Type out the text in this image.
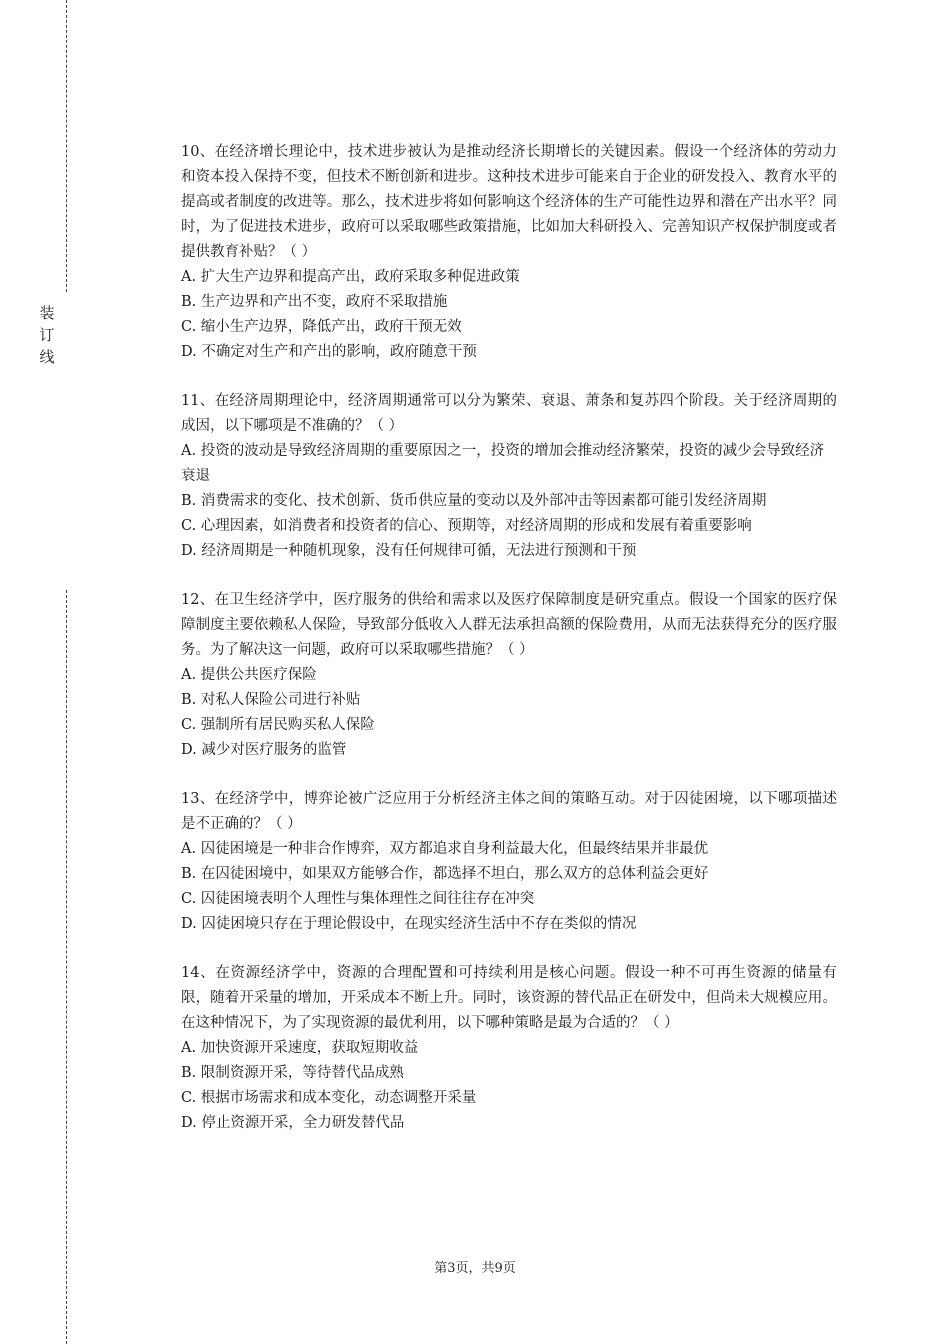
装订线

10、在经济增长理论中，技术进步被认为是推动经济长期增长的关键因素。假设一个经济体的劳动力和资本投入保持不变，但技术不断创新和进步。这种技术进步可能来自于企业的研发投入、教育水平的提高或者制度的改进等。那么，技术进步将如何影响这个经济体的生产可能性边界和潜在产出水平？同时，为了促进技术进步，政府可以采取哪些政策措施，比如加大科研投入、完善知识产权保护制度或者提供教育补贴？（ ）

A. 扩大生产边界和提高产出，政府采取多种促进政策

B. 生产边界和产出不变，政府不采取措施

C. 缩小生产边界，降低产出，政府干预无效

D. 不确定对生产和产出的影响，政府随意干预

11、在经济周期理论中，经济周期通常可以分为繁荣、衰退、萧条和复苏四个阶段。关于经济周期的成因，以下哪项是不准确的？（ ）

A. 投资的波动是导致经济周期的重要原因之一，投资的增加会推动经济繁荣，投资的减少会导致经济衰退

B. 消费需求的变化、技术创新、货币供应量的变动以及外部冲击等因素都可能引发经济周期

C. 心理因素，如消费者和投资者的信心、预期等，对经济周期的形成和发展有着重要影响

D. 经济周期是一种随机现象，没有任何规律可循，无法进行预测和干预

12、在卫生经济学中，医疗服务的供给和需求以及医疗保障制度是研究重点。假设一个国家的医疗保障制度主要依赖私人保险，导致部分低收入人群无法承担高额的保险费用，从而无法获得充分的医疗服务。为了解决这一问题，政府可以采取哪些措施？（ ）

A. 提供公共医疗保险

B. 对私人保险公司进行补贴

C. 强制所有居民购买私人保险

D. 减少对医疗服务的监管

13、在经济学中，博弈论被广泛应用于分析经济主体之间的策略互动。对于囚徒困境，以下哪项描述是不正确的？（ ）

A. 囚徒困境是一种非合作博弈，双方都追求自身利益最大化，但最终结果并非最优

B. 在囚徒困境中，如果双方能够合作，都选择不坦白，那么双方的总体利益会更好

C. 囚徒困境表明个人理性与集体理性之间往往存在冲突

D. 囚徒困境只存在于理论假设中，在现实经济生活中不存在类似的情况

14、在资源经济学中，资源的合理配置和可持续利用是核心问题。假设一种不可再生资源的储量有限，随着开采量的增加，开采成本不断上升。同时，该资源的替代品正在研发中，但尚未大规模应用。在这种情况下，为了实现资源的最优利用，以下哪种策略是最为合适的？（ ）

A. 加快资源开采速度，获取短期收益

B. 限制资源开采，等待替代品成熟

C. 根据市场需求和成本变化，动态调整开采量

D. 停止资源开采，全力研发替代品

第3页，共9页
